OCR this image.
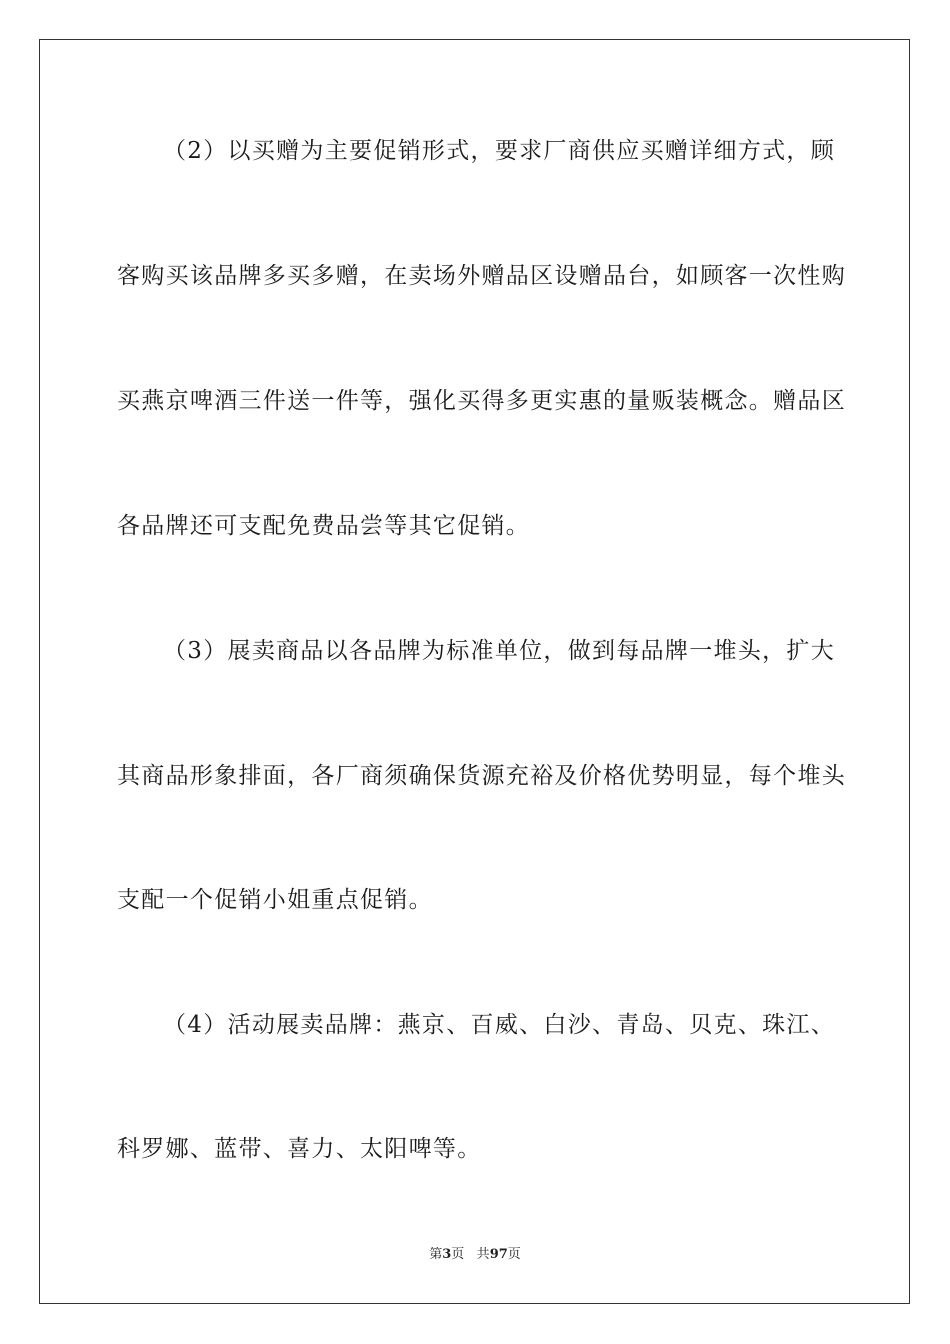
（2）以买赠为主要促销形式，要求厂商供应买赠详细方式，顾
客购买该品牌多买多赠，在卖场外赠品区设赠品台，如顾客一次性购
买燕京啤酒三件送一件等，强化买得多更实惠的量贩装概念。赠品区
各品牌还可支配免费品尝等其它促销。
（3）展卖商品以各品牌为标准单位，做到每品牌一堆头，扩大
其商品形象排面，各厂商须确保货源充裕及价格优势明显，每个堆头
支配一个促销小姐重点促销。
（4）活动展卖品牌：燕京、百威、白沙、青岛、贝克、珠江、
科罗娜、蓝带、喜力、太阳啤等。
第3页 共97页
